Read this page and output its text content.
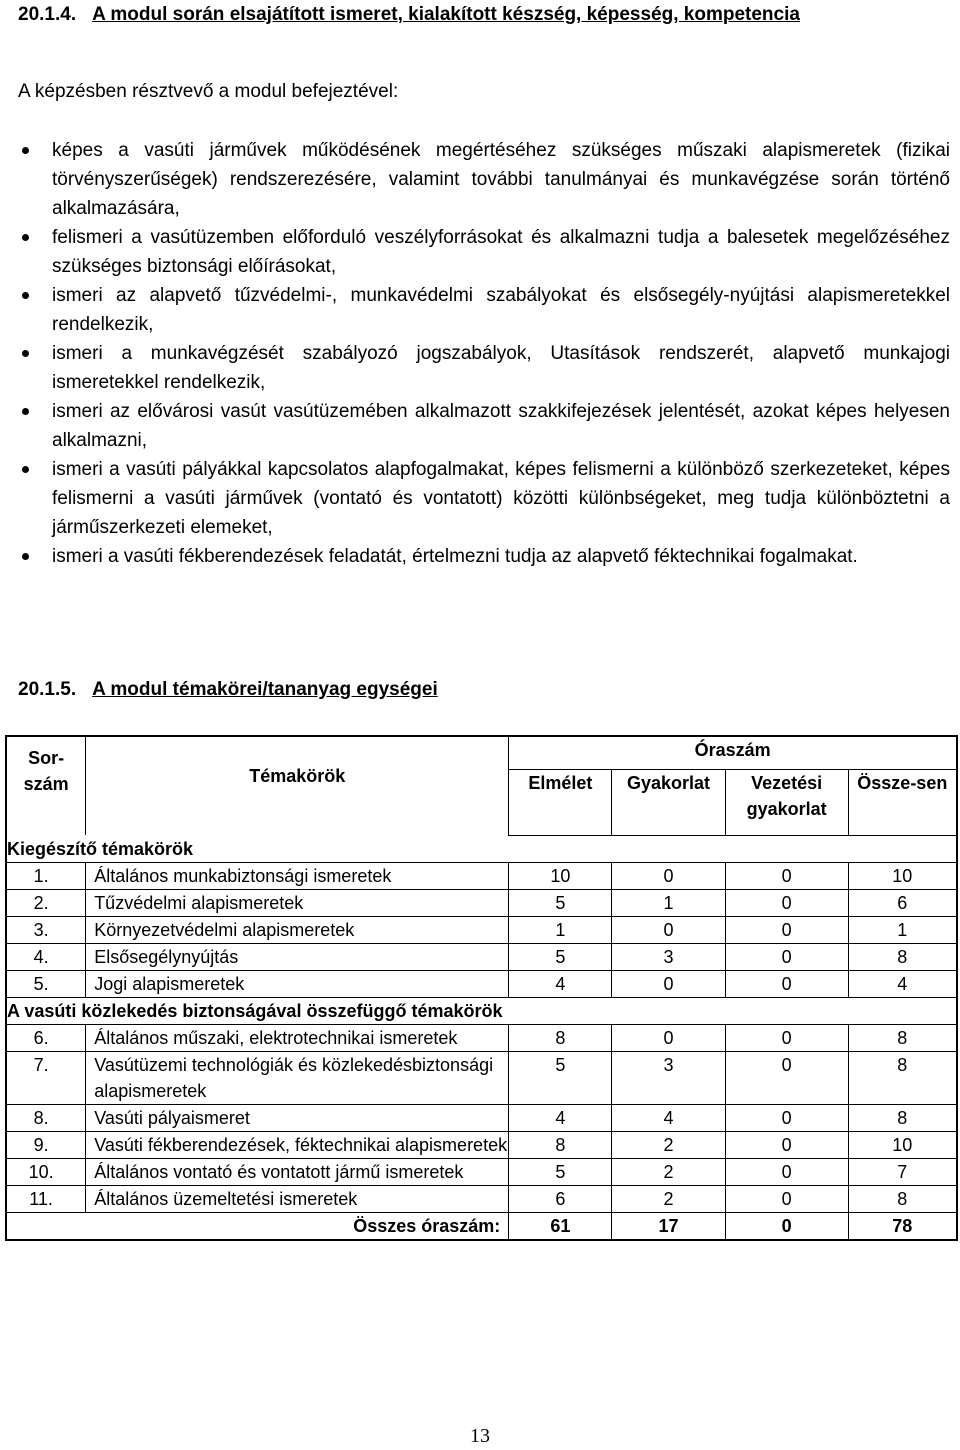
20.1.4. A modul során elsajátított ismeret, kialakított készség, képesség, kompetencia
A képzésben résztvevő a modul befejeztével:
képes a vasúti járművek működésének megértéséhez szükséges műszaki alapismeretek (fizikai törvényszerűségek) rendszerezésére, valamint további tanulmányai és munkavégzése során történő alkalmazására,
felismeri a vasútüzemben előforduló veszélyforrásokat és alkalmazni tudja a balesetek megelőzéséhez szükséges biztonsági előírásokat,
ismeri az alapvető tűzvédelmi-, munkavédelmi szabályokat és elsősegély-nyújtási alapismeretekkel rendelkezik,
ismeri a munkavégzését szabályozó jogszabályok, Utasítások rendszerét, alapvető munkajogi ismeretekkel rendelkezik,
ismeri az elővárosi vasút vasútüzemében alkalmazott szakkifejezések jelentését, azokat képes helyesen alkalmazni,
ismeri a vasúti pályákkal kapcsolatos alapfogalmakat, képes felismerni a különböző szerkezeteket, képes felismerni a vasúti járművek (vontató és vontatott) közötti különbségeket, meg tudja különböztetni a járműszerkezeti elemeket,
ismeri a vasúti fékberendezések feladatát, értelmezni tudja az alapvető féktechnikai fogalmakat.
20.1.5. A modul témakörei/tananyag egységei
Sor-szám	Témakörök	Óraszám			
		Elmélet	Gyakorlat	Vezetési gyakorlat	Össze-sen
Kiegészítő témakörök					
1.	Általános munkabiztonsági ismeretek	10	0	0	10
2.	Tűzvédelmi alapismeretek	5	1	0	6
3.	Környezetvédelmi alapismeretek	1	0	0	1
4.	Elsősegélynyújtás	5	3	0	8
5.	Jogi alapismeretek	4	0	0	4
A vasúti közlekedés biztonságával összefüggő témakörök					
6.	Általános műszaki, elektrotechnikai ismeretek	8	0	0	8
7.	Vasútüzemi technológiák és közlekedésbiztonsági alapismeretek	5	3	0	8
8.	Vasúti pályaismeret	4	4	0	8
9.	Vasúti fékberendezések, féktechnikai alapismeretek	8	2	0	10
10.	Általános vontató és vontatott jármű ismeretek	5	2	0	7
11.	Általános üzemeltetési ismeretek	6	2	0	8
Összes óraszám:		61	17	0	78
13
